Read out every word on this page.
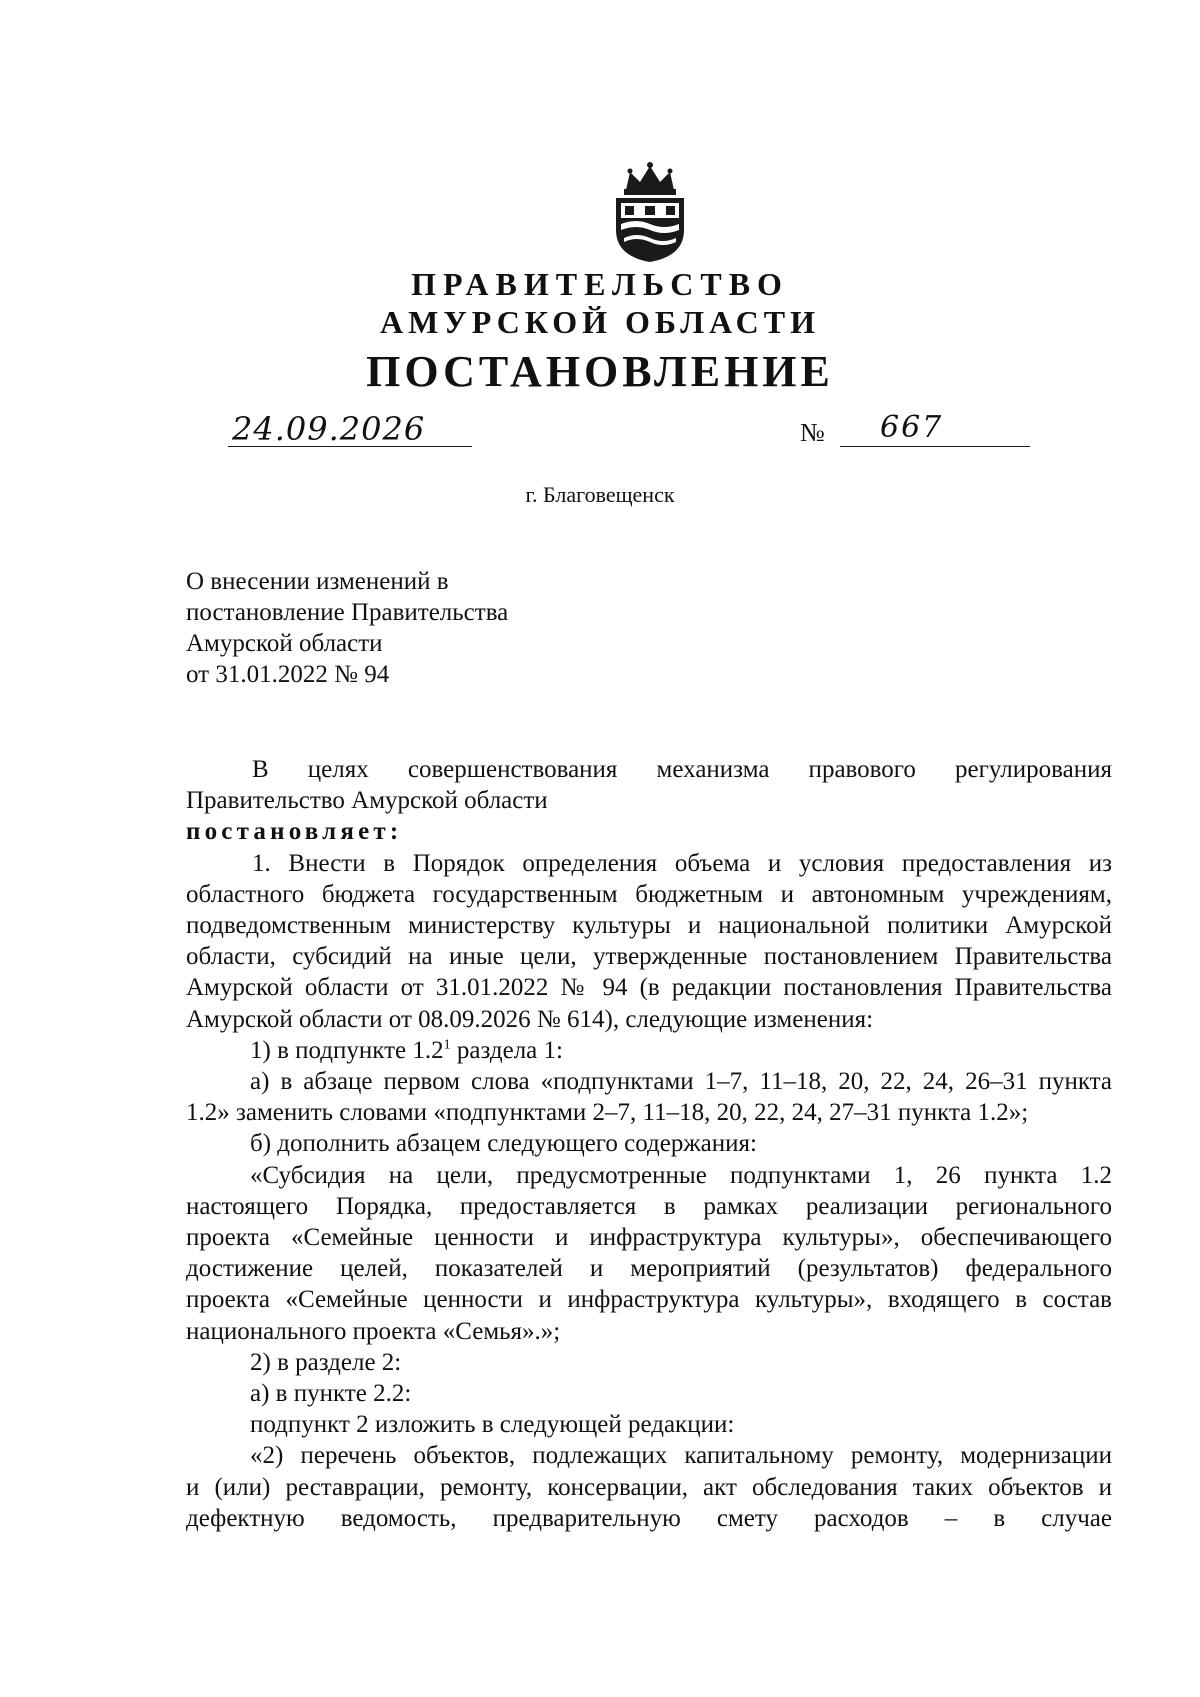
ПРАВИТЕЛЬСТВО
АМУРСКОЙ ОБЛАСТИ
ПОСТАНОВЛЕНИЕ
24.09.2026	№ 667
г. Благовещенск
О внесении изменений в
постановление Правительства
Амурской области
от 31.01.2022 № 94
В целях совершенствования механизма правового регулирования
Правительство Амурской области
постановляет:
1. Внести в Порядок определения объема и условия предоставления из
областного бюджета государственным бюджетным и автономным учреждениям,
подведомственным министерству культуры и национальной политики Амурской
области, субсидий на иные цели, утвержденные постановлением Правительства
Амурской области от 31.01.2022 № 94 (в редакции постановления Правительства
Амурской области от 08.09.2026 № 614), следующие изменения:
1) в подпункте $1.2^1$ раздела 1:
а) в абзаце первом слова «подпунктами 1–7, 11–18, 20, 22, 24, 26–31 пункта
1.2» заменить словами «подпунктами 2–7, 11–18, 20, 22, 24, 27–31 пункта 1.2»;
б) дополнить абзацем следующего содержания:
«Субсидия на цели, предусмотренные подпунктами 1, 26 пункта 1.2
настоящего Порядка, предоставляется в рамках реализации регионального
проекта «Семейные ценности и инфраструктура культуры», обеспечивающего
достижение целей, показателей и мероприятий (результатов) федерального
проекта «Семейные ценности и инфраструктура культуры», входящего в состав
национального проекта «Семья».»;
2) в разделе 2:
а) в пункте 2.2:
подпункт 2 изложить в следующей редакции:
«2) перечень объектов, подлежащих капитальному ремонту, модернизации
и (или) реставрации, ремонту, консервации, акт обследования таких объектов и
дефектную ведомость, предварительную смету расходов – в случае
